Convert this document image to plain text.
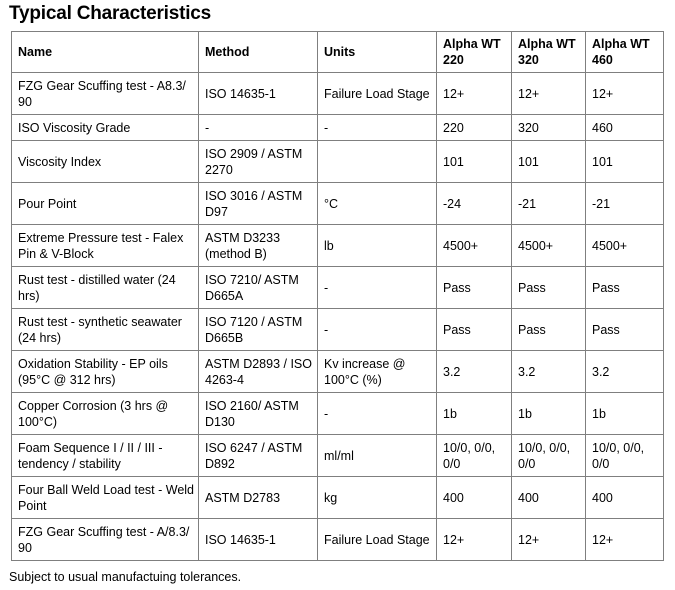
Typical Characteristics
Name	Method	Units	Alpha WT 220	Alpha WT 320	Alpha WT 460
FZG Gear Scuffing test - A8.3/ 90	ISO 14635-1	Failure Load Stage	12+	12+	12+
ISO Viscosity Grade	-	-	220	320	460
Viscosity Index	ISO 2909 / ASTM 2270		101	101	101
Pour Point	ISO 3016 / ASTM D97	°C	-24	-21	-21
Extreme Pressure test - Falex Pin & V-Block	ASTM D3233 (method B)	lb	4500+	4500+	4500+
Rust test - distilled water (24 hrs)	ISO 7210/ ASTM D665A	-	Pass	Pass	Pass
Rust test - synthetic seawater (24 hrs)	ISO 7120 / ASTM D665B	-	Pass	Pass	Pass
Oxidation Stability - EP oils (95°C @ 312 hrs)	ASTM D2893 / ISO 4263-4	Kv increase @ 100°C (%)	3.2	3.2	3.2
Copper Corrosion (3 hrs @ 100°C)	ISO 2160/ ASTM D130	-	1b	1b	1b
Foam Sequence I / II / III - tendency / stability	ISO 6247 / ASTM D892	ml/ml	10/0, 0/0, 0/0	10/0, 0/0, 0/0	10/0, 0/0, 0/0
Four Ball Weld Load test - Weld Point	ASTM D2783	kg	400	400	400
FZG Gear Scuffing test - A/8.3/ 90	ISO 14635-1	Failure Load Stage	12+	12+	12+
Subject to usual manufactuing tolerances.
